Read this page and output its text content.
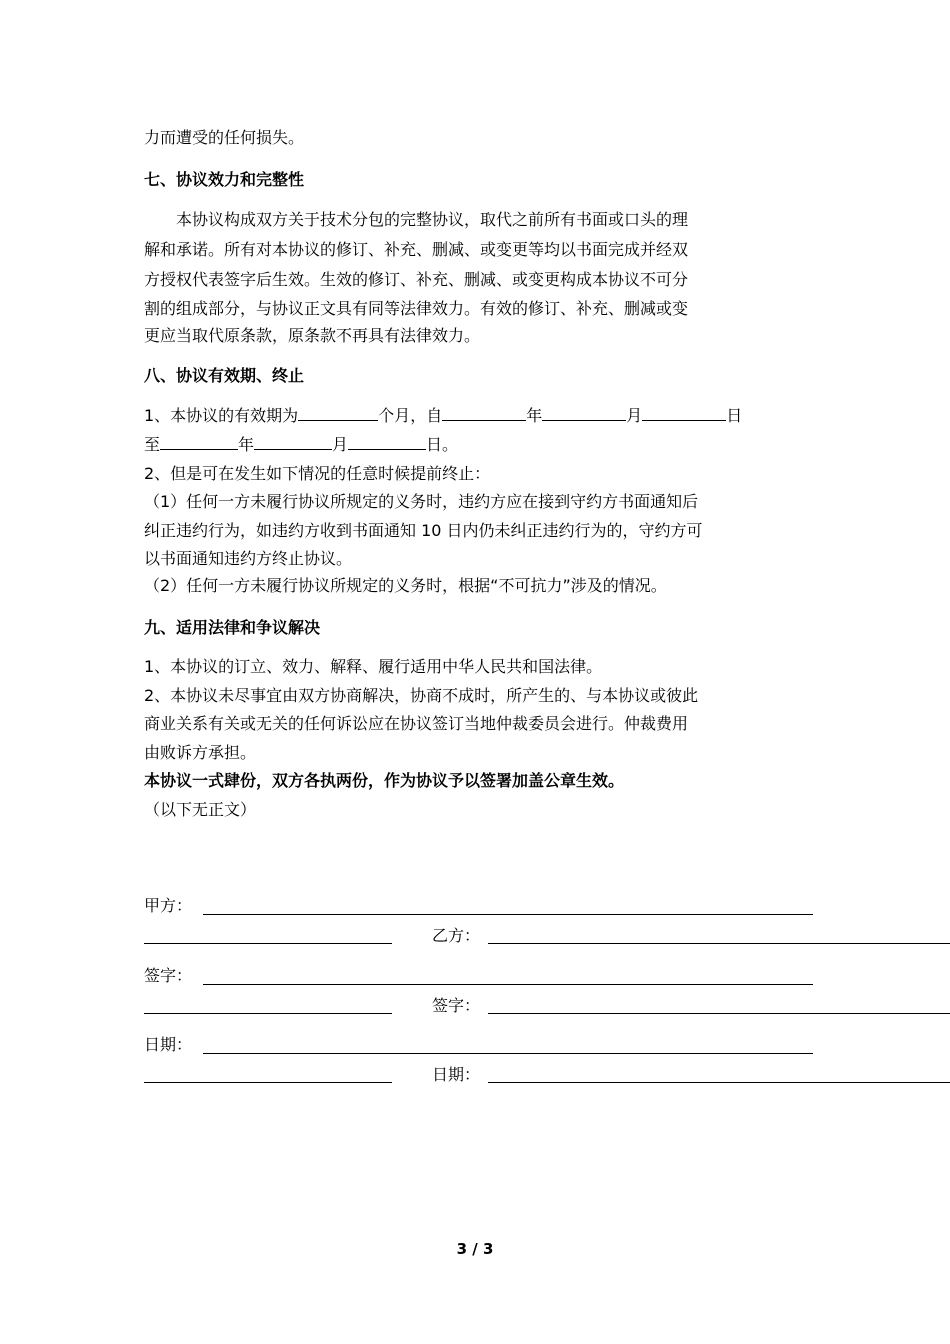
力而遭受的任何损失。
七、协议效力和完整性
本协议构成双方关于技术分包的完整协议，取代之前所有书面或口头的理
解和承诺。所有对本协议的修订、补充、删减、或变更等均以书面完成并经双
方授权代表签字后生效。生效的修订、补充、删减、或变更构成本协议不可分
割的组成部分，与协议正文具有同等法律效力。有效的修订、补充、删减或变
更应当取代原条款，原条款不再具有法律效力。
八、协议有效期、终止
1、本协议的有效期为	个月，自	年	月	日
至	年	月	日。
2、但是可在发生如下情况的任意时候提前终止：
（1）任何一方未履行协议所规定的义务时，违约方应在接到守约方书面通知后
纠正违约行为，如违约方收到书面通知 10 日内仍未纠正违约行为的，守约方可
以书面通知违约方终止协议。
（2）任何一方未履行协议所规定的义务时，根据“不可抗力”涉及的情况。
九、适用法律和争议解决
1、本协议的订立、效力、解释、履行适用中华人民共和国法律。
2、本协议未尽事宜由双方协商解决，协商不成时，所产生的、与本协议或彼此
商业关系有关或无关的任何诉讼应在协议签订当地仲裁委员会进行。仲裁费用
由败诉方承担。
本协议一式肆份，双方各执两份，作为协议予以签署加盖公章生效。
（以下无正文）
甲方：
乙方：
签字：
签字：
日期：
日期：
3 / 3
